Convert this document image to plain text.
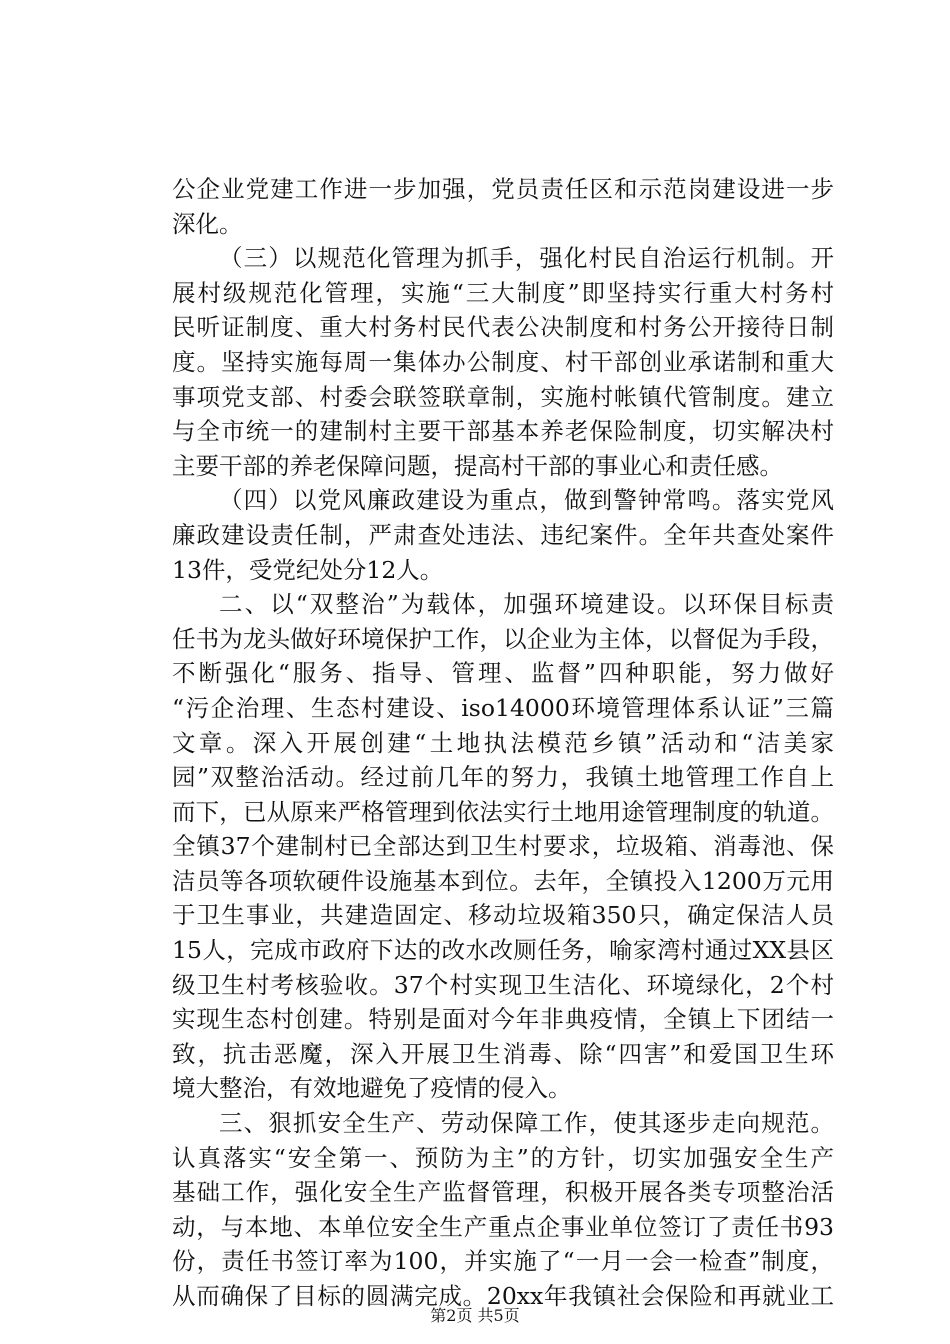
公企业党建工作进一步加强，党员责任区和示范岗建设进一步
深化。
（三）以规范化管理为抓手，强化村民自治运行机制。开
展村级规范化管理，实施“三大制度”即坚持实行重大村务村
民听证制度、重大村务村民代表公决制度和村务公开接待日制
度。坚持实施每周一集体办公制度、村干部创业承诺制和重大
事项党支部、村委会联签联章制，实施村帐镇代管制度。建立
与全市统一的建制村主要干部基本养老保险制度，切实解决村
主要干部的养老保障问题，提高村干部的事业心和责任感。
（四）以党风廉政建设为重点，做到警钟常鸣。落实党风
廉政建设责任制，严肃查处违法、违纪案件。全年共查处案件
13件，受党纪处分12人。
二、以“双整治”为载体，加强环境建设。以环保目标责
任书为龙头做好环境保护工作，以企业为主体，以督促为手段，
不断强化“服务、指导、管理、监督”四种职能，努力做好
“污企治理、生态村建设、iso14000环境管理体系认证”三篇
文章。深入开展创建“土地执法模范乡镇”活动和“洁美家
园”双整治活动。经过前几年的努力，我镇土地管理工作自上
而下，已从原来严格管理到依法实行土地用途管理制度的轨道。
全镇37个建制村已全部达到卫生村要求，垃圾箱、消毒池、保
洁员等各项软硬件设施基本到位。去年，全镇投入1200万元用
于卫生事业，共建造固定、移动垃圾箱350只，确定保洁人员
15人，完成市政府下达的改水改厕任务，喻家湾村通过XX县区
级卫生村考核验收。37个村实现卫生洁化、环境绿化，2个村
实现生态村创建。特别是面对今年非典疫情，全镇上下团结一
致，抗击恶魔，深入开展卫生消毒、除“四害”和爱国卫生环
境大整治，有效地避免了疫情的侵入。
三、狠抓安全生产、劳动保障工作，使其逐步走向规范。
认真落实“安全第一、预防为主”的方针，切实加强安全生产
基础工作，强化安全生产监督管理，积极开展各类专项整治活
动，与本地、本单位安全生产重点企事业单位签订了责任书93
份，责任书签订率为100，并实施了“一月一会一检查”制度，
从而确保了目标的圆满完成。20xx年我镇社会保险和再就业工
第2页 共5页
